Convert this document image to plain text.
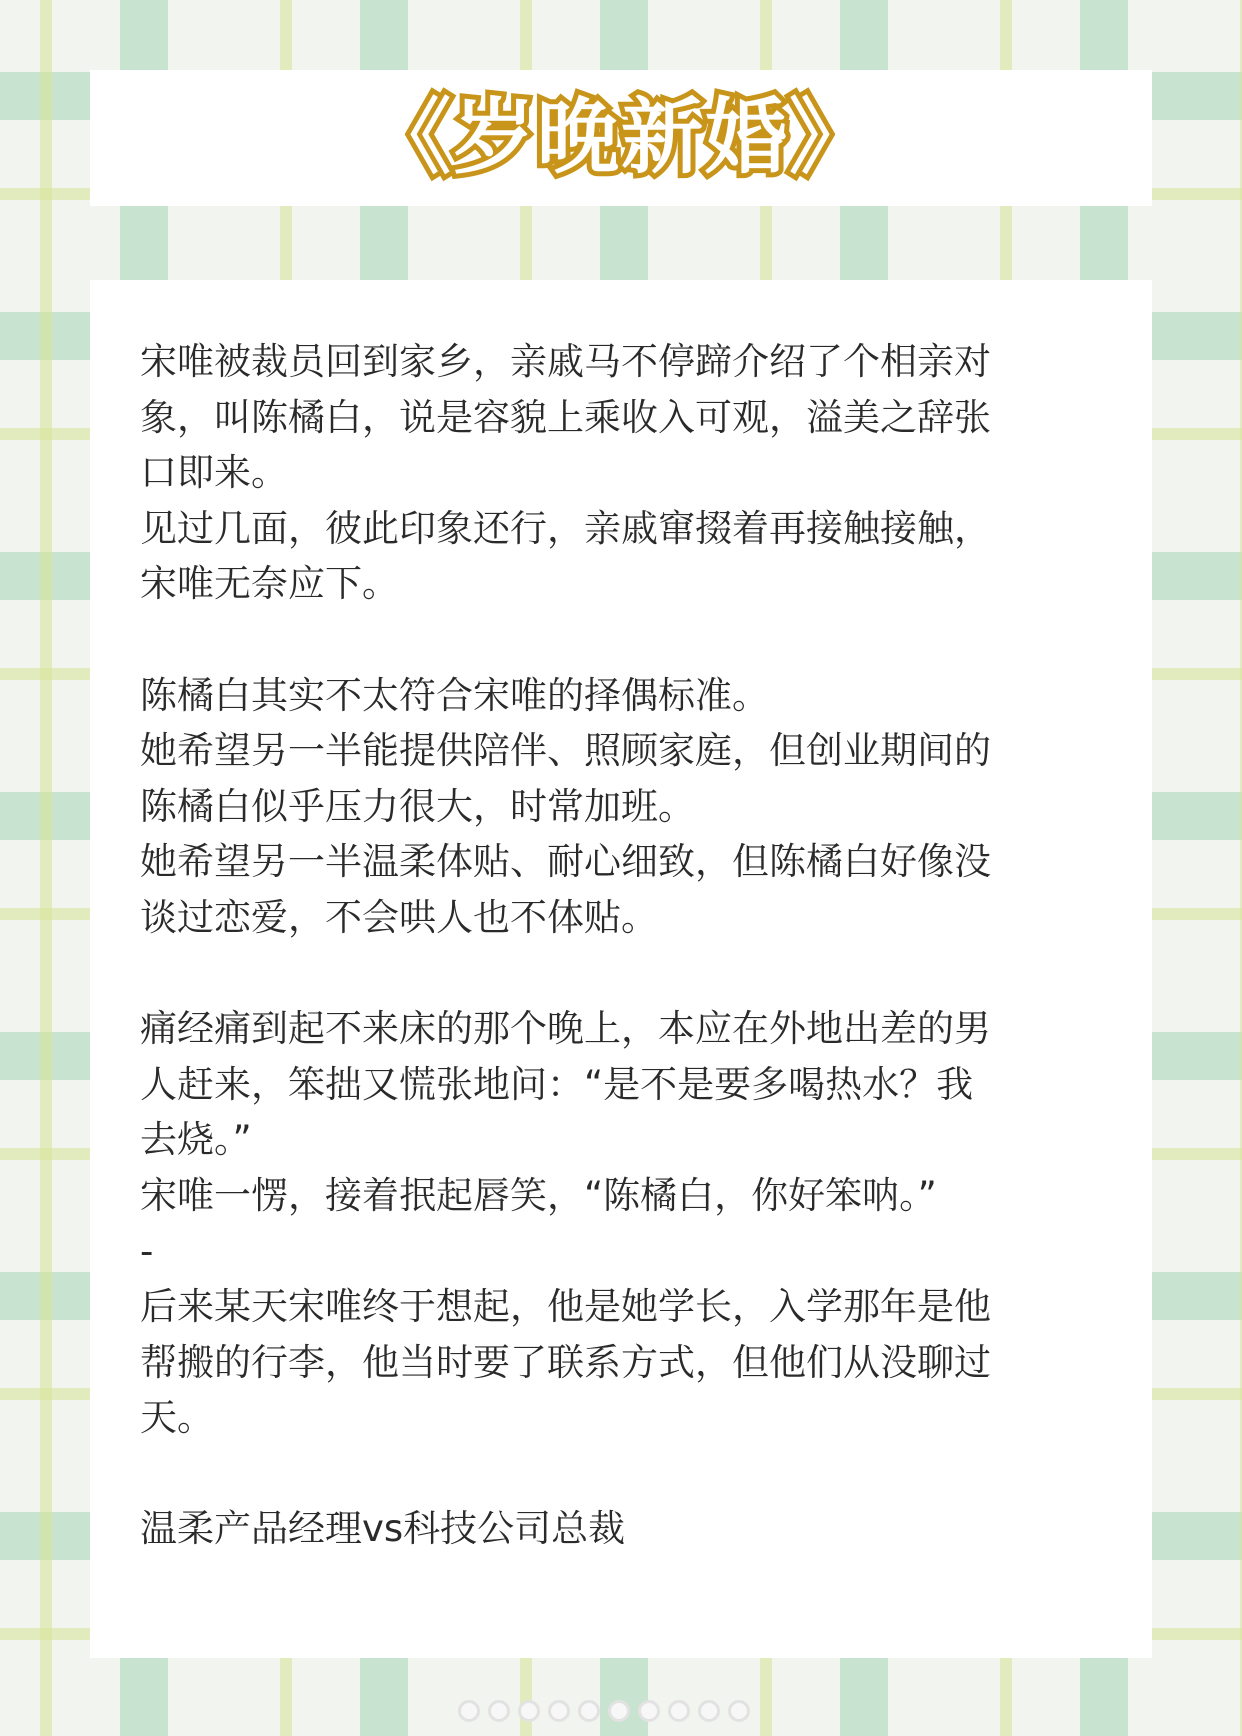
《岁晚新婚》

宋唯被裁员回到家乡，亲戚马不停蹄介绍了个相亲对

象，叫陈橘白，说是容貌上乘收入可观，溢美之辞张

口即来。

见过几面，彼此印象还行，亲戚窜掇着再接触接触，

宋唯无奈应下。

陈橘白其实不太符合宋唯的择偶标准。

她希望另一半能提供陪伴、照顾家庭，但创业期间的

陈橘白似乎压力很大，时常加班。

她希望另一半温柔体贴、耐心细致，但陈橘白好像没

谈过恋爱，不会哄人也不体贴。

痛经痛到起不来床的那个晚上，本应在外地出差的男

人赶来，笨拙又慌张地问：“是不是要多喝热水？我

去烧。”

宋唯一愣，接着抿起唇笑，“陈橘白，你好笨呐。”

-

后来某天宋唯终于想起，他是她学长，入学那年是他

帮搬的行李，他当时要了联系方式，但他们从没聊过

天。

温柔产品经理vs科技公司总裁
